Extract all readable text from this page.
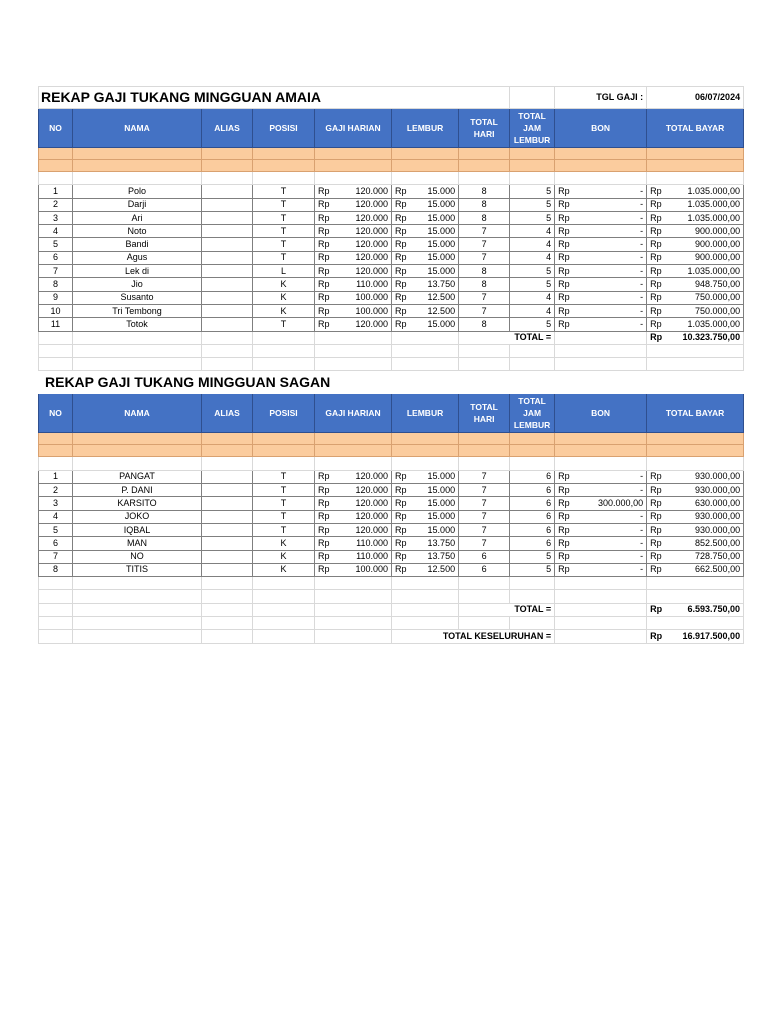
REKAP GAJI TUKANG MINGGUAN AMAIA								TGL GAJI :	06/07/2024
NO	NAMA	ALIAS	POSISI	GAJI HARIAN	LEMBUR	TOTAL HARI	TOTAL JAM LEMBUR	BON	TOTAL BAYAR

1	Polo		T	Rp 120.000	Rp 15.000	8	5	Rp -	Rp 1.035.000,00

2	Darji		T	Rp 120.000	Rp 15.000	8	5	Rp -	Rp 1.035.000,00

3	Ari		T	Rp 120.000	Rp 15.000	8	5	Rp -	Rp 1.035.000,00

4	Noto		T	Rp 120.000	Rp 15.000	7	4	Rp -	Rp 900.000,00

5	Bandi		T	Rp 120.000	Rp 15.000	7	4	Rp -	Rp 900.000,00

6	Agus		T	Rp 120.000	Rp 15.000	7	4	Rp -	Rp 900.000,00

7	Lek di		L	Rp 120.000	Rp 15.000	8	5	Rp -	Rp 1.035.000,00

8	Jio		K	Rp 110.000	Rp 13.750	8	5	Rp -	Rp 948.750,00

9	Susanto		K	Rp 100.000	Rp 12.500	7	4	Rp -	Rp 750.000,00

10	Tri Tembong		K	Rp 100.000	Rp 12.500	7	4	Rp -	Rp 750.000,00

11	Totok		T	Rp 120.000	Rp 15.000	8	5	Rp -	Rp 1.035.000,00

						TOTAL =			Rp 10.323.750,00

REKAP GAJI TUKANG MINGGUAN SAGAN									
NO	NAMA	ALIAS	POSISI	GAJI HARIAN	LEMBUR	TOTAL HARI	TOTAL JAM LEMBUR	BON	TOTAL BAYAR

1	PANGAT		T	Rp 120.000	Rp 15.000	7	6	Rp -	Rp 930.000,00

2	P. DANI		T	Rp 120.000	Rp 15.000	7	6	Rp -	Rp 930.000,00

3	KARSITO		T	Rp 120.000	Rp 15.000	7	6	Rp 300.000,00	Rp 630.000,00

4	JOKO		T	Rp 120.000	Rp 15.000	7	6	Rp -	Rp 930.000,00

5	IQBAL		T	Rp 120.000	Rp 15.000	7	6	Rp -	Rp 930.000,00

6	MAN		K	Rp 110.000	Rp 13.750	7	6	Rp -	Rp 852.500,00

7	NO		K	Rp 110.000	Rp 13.750	6	5	Rp -	Rp 728.750,00

8	TITIS		K	Rp 100.000	Rp 12.500	6	5	Rp -	Rp 662.500,00

						TOTAL =			Rp 6.593.750,00

					TOTAL KESELURUHAN =				Rp 16.917.500,00
